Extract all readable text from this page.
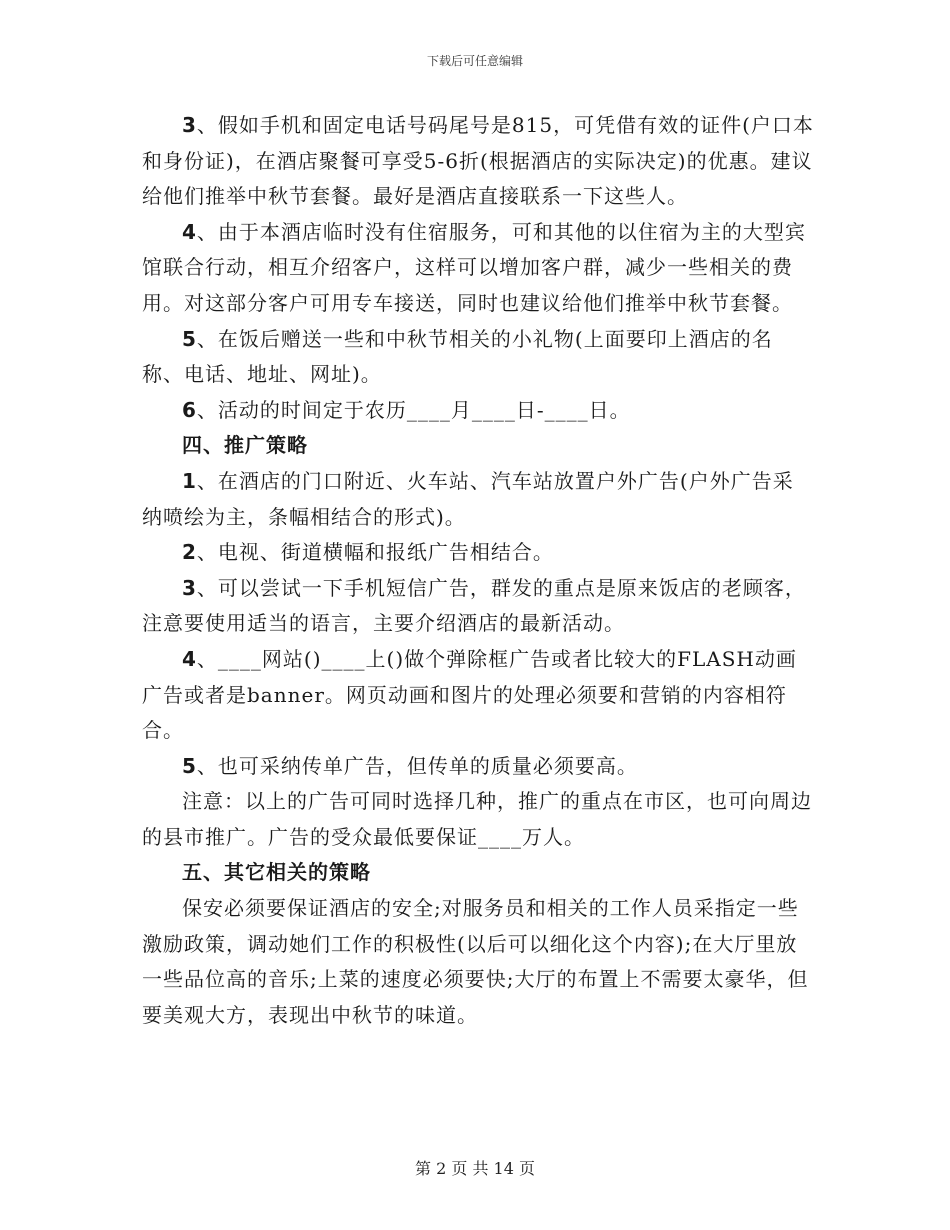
下载后可任意编辑

3、假如手机和固定电话号码尾号是815，可凭借有效的证件(户口本和身份证)，在酒店聚餐可享受5-6折(根据酒店的实际决定)的优惠。建议给他们推举中秋节套餐。最好是酒店直接联系一下这些人。

4、由于本酒店临时没有住宿服务，可和其他的以住宿为主的大型宾馆联合行动，相互介绍客户，这样可以增加客户群，减少一些相关的费用。对这部分客户可用专车接送，同时也建议给他们推举中秋节套餐。

5、在饭后赠送一些和中秋节相关的小礼物(上面要印上酒店的名称、电话、地址、网址)。

6、活动的时间定于农历____月____日-____日。

四、推广策略

1、在酒店的门口附近、火车站、汽车站放置户外广告(户外广告采纳喷绘为主，条幅相结合的形式)。

2、电视、街道横幅和报纸广告相结合。

3、可以尝试一下手机短信广告，群发的重点是原来饭店的老顾客，注意要使用适当的语言，主要介绍酒店的最新活动。

4、____网站()____上()做个弹除框广告或者比较大的FLASH动画广告或者是banner。网页动画和图片的处理必须要和营销的内容相符合。

5、也可采纳传单广告，但传单的质量必须要高。

注意：以上的广告可同时选择几种，推广的重点在市区，也可向周边的县市推广。广告的受众最低要保证____万人。

五、其它相关的策略

保安必须要保证酒店的安全;对服务员和相关的工作人员采指定一些激励政策，调动她们工作的积极性(以后可以细化这个内容);在大厅里放一些品位高的音乐;上菜的速度必须要快;大厅的布置上不需要太豪华，但要美观大方，表现出中秋节的味道。

第 2 页 共 14 页
